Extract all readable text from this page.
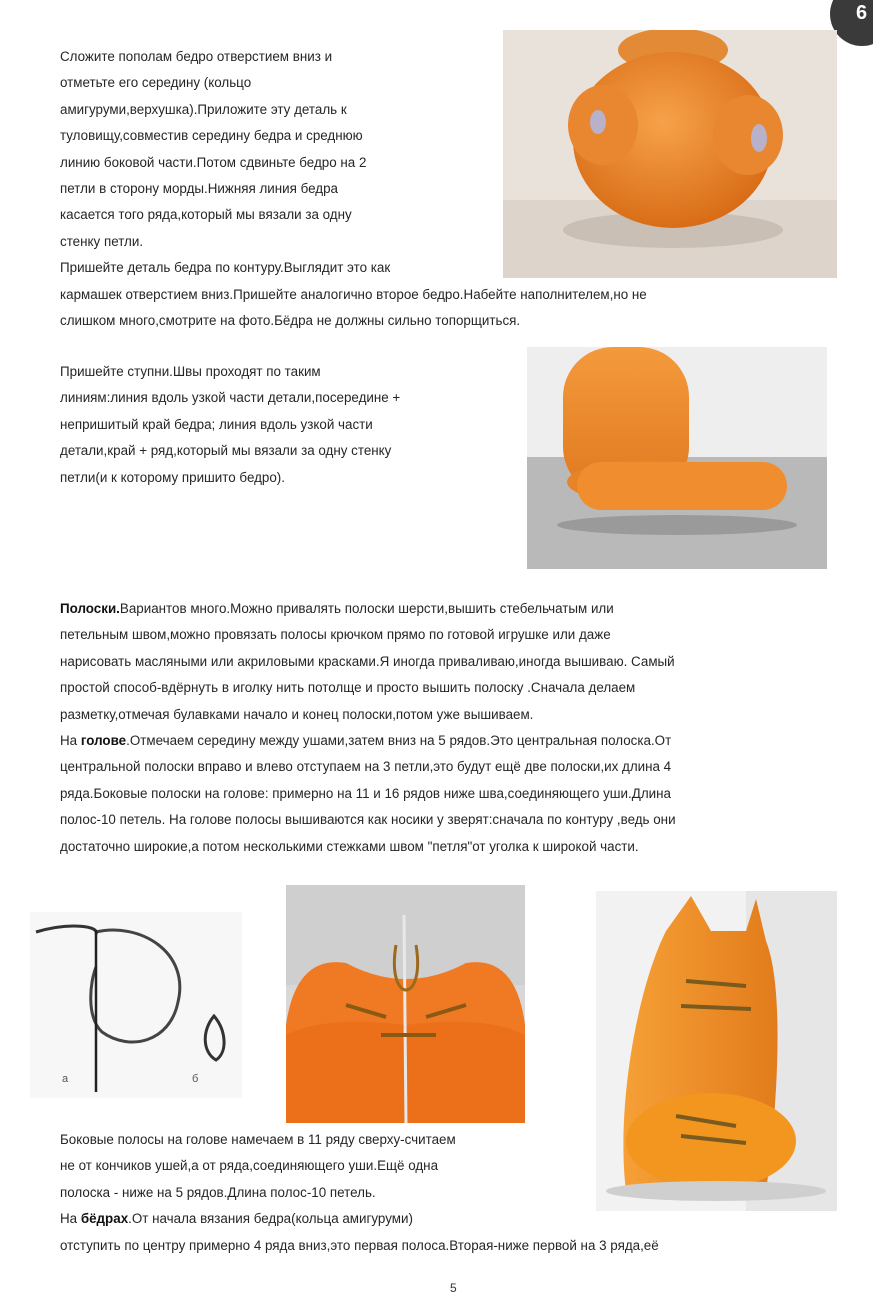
6
Сложите пополам бедро отверстием вниз и
отметьте его середину (кольцо
амигуруми,верхушка).Приложите эту деталь к
туловищу,совместив середину бедра и среднюю
линию боковой части.Потом сдвиньте бедро на 2
петли в сторону морды.Нижняя линия бедра
касается того ряда,который мы вязали за одну
стенку петли.
Пришейте деталь бедра по контуру.Выглядит это как
кармашек отверстием вниз.Пришейте аналогично второе бедро.Набейте наполнителем,но не
слишком много,смотрите на фото.Бёдра не должны сильно топорщиться.
Пришейте ступни.Швы проходят по таким
линиям:линия вдоль узкой части детали,посередине +
непришитый край бедра; линия вдоль узкой части
детали,край + ряд,который мы вязали за одну стенку
петли(и к которому пришито бедро).
Полоски.Вариантов много.Можно привалять полоски шерсти,вышить стебельчатым или
петельным швом,можно провязать полосы крючком прямо по готовой игрушке или даже
нарисовать масляными или акриловыми красками.Я иногда приваливаю,иногда вышиваю. Самый
простой способ-вдёрнуть в иголку нить потолще и просто вышить полоску .Сначала делаем
разметку,отмечая булавками начало и конец полоски,потом уже вышиваем.
На голове.Отмечаем середину между ушами,затем вниз на 5 рядов.Это центральная полоска.От
центральной полоски вправо и влево отступаем на 3 петли,это будут ещё две полоски,их длина 4
ряда.Боковые полоски на голове: примерно на 11 и 16 рядов ниже шва,соединяющего уши.Длина
полос-10 петель. На голове полосы вышиваются как носики у зверят:сначала по контуру ,ведь они
достаточно широкие,а потом несколькими стежками швом "петля"от уголка к широкой части.
а	б
Боковые полосы на голове намечаем в 11 ряду сверху-считаем
не от кончиков ушей,а от ряда,соединяющего уши.Ещё одна
полоска - ниже на 5 рядов.Длина полос-10 петель.
На бёдрах.От начала вязания бедра(кольца амигуруми)
отступить по центру примерно 4 ряда вниз,это первая полоса.Вторая-ниже первой на 3 ряда,её
5
